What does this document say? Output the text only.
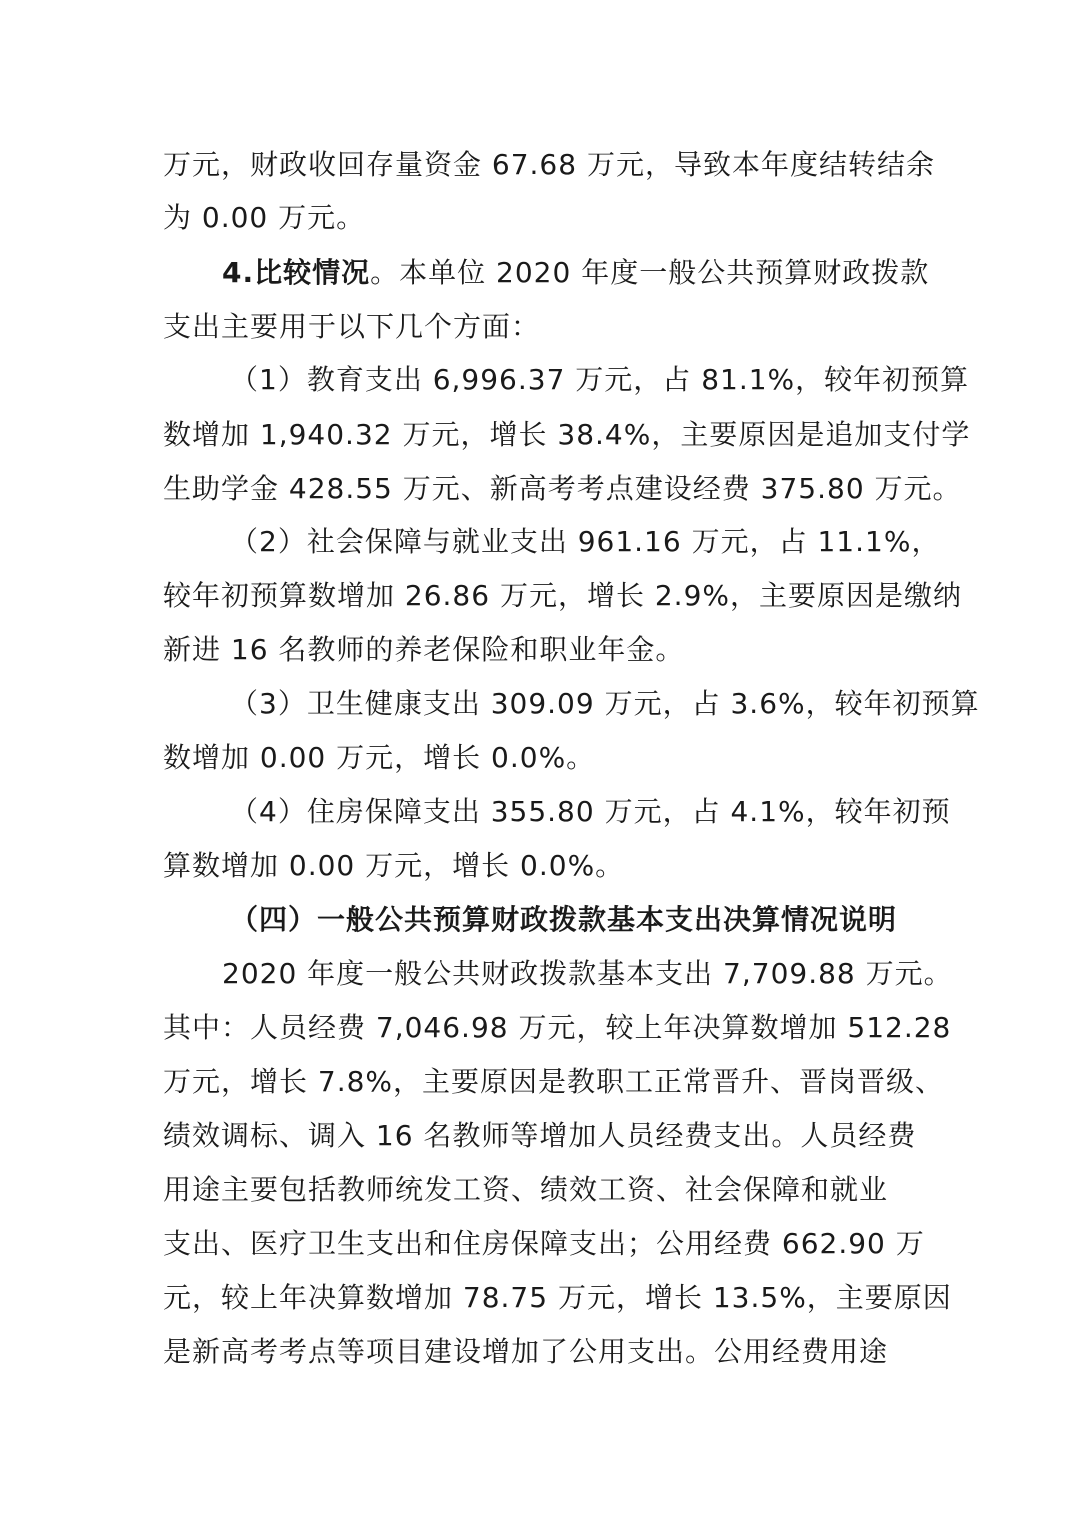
万元，财政收回存量资金 67.68 万元，导致本年度结转结余
为 0.00 万元。
4.比较情况。本单位 2020 年度一般公共预算财政拨款
支出主要用于以下几个方面：
（1）教育支出 6,996.37 万元，占 81.1%，较年初预算
数增加 1,940.32 万元，增长 38.4%，主要原因是追加支付学
生助学金 428.55 万元、新高考考点建设经费 375.80 万元。
（2）社会保障与就业支出 961.16 万元，占 11.1%，
较年初预算数增加 26.86 万元，增长 2.9%，主要原因是缴纳
新进 16 名教师的养老保险和职业年金。
（3）卫生健康支出 309.09 万元，占 3.6%，较年初预算
数增加 0.00 万元，增长 0.0%。
（4）住房保障支出 355.80 万元，占 4.1%，较年初预
算数增加 0.00 万元，增长 0.0%。
（四）一般公共预算财政拨款基本支出决算情况说明
2020 年度一般公共财政拨款基本支出 7,709.88 万元。
其中：人员经费 7,046.98 万元，较上年决算数增加 512.28
万元，增长 7.8%，主要原因是教职工正常晋升、晋岗晋级、
绩效调标、调入 16 名教师等增加人员经费支出。人员经费
用途主要包括教师统发工资、绩效工资、社会保障和就业
支出、医疗卫生支出和住房保障支出；公用经费 662.90 万
元，较上年决算数增加 78.75 万元，增长 13.5%，主要原因
是新高考考点等项目建设增加了公用支出。公用经费用途
